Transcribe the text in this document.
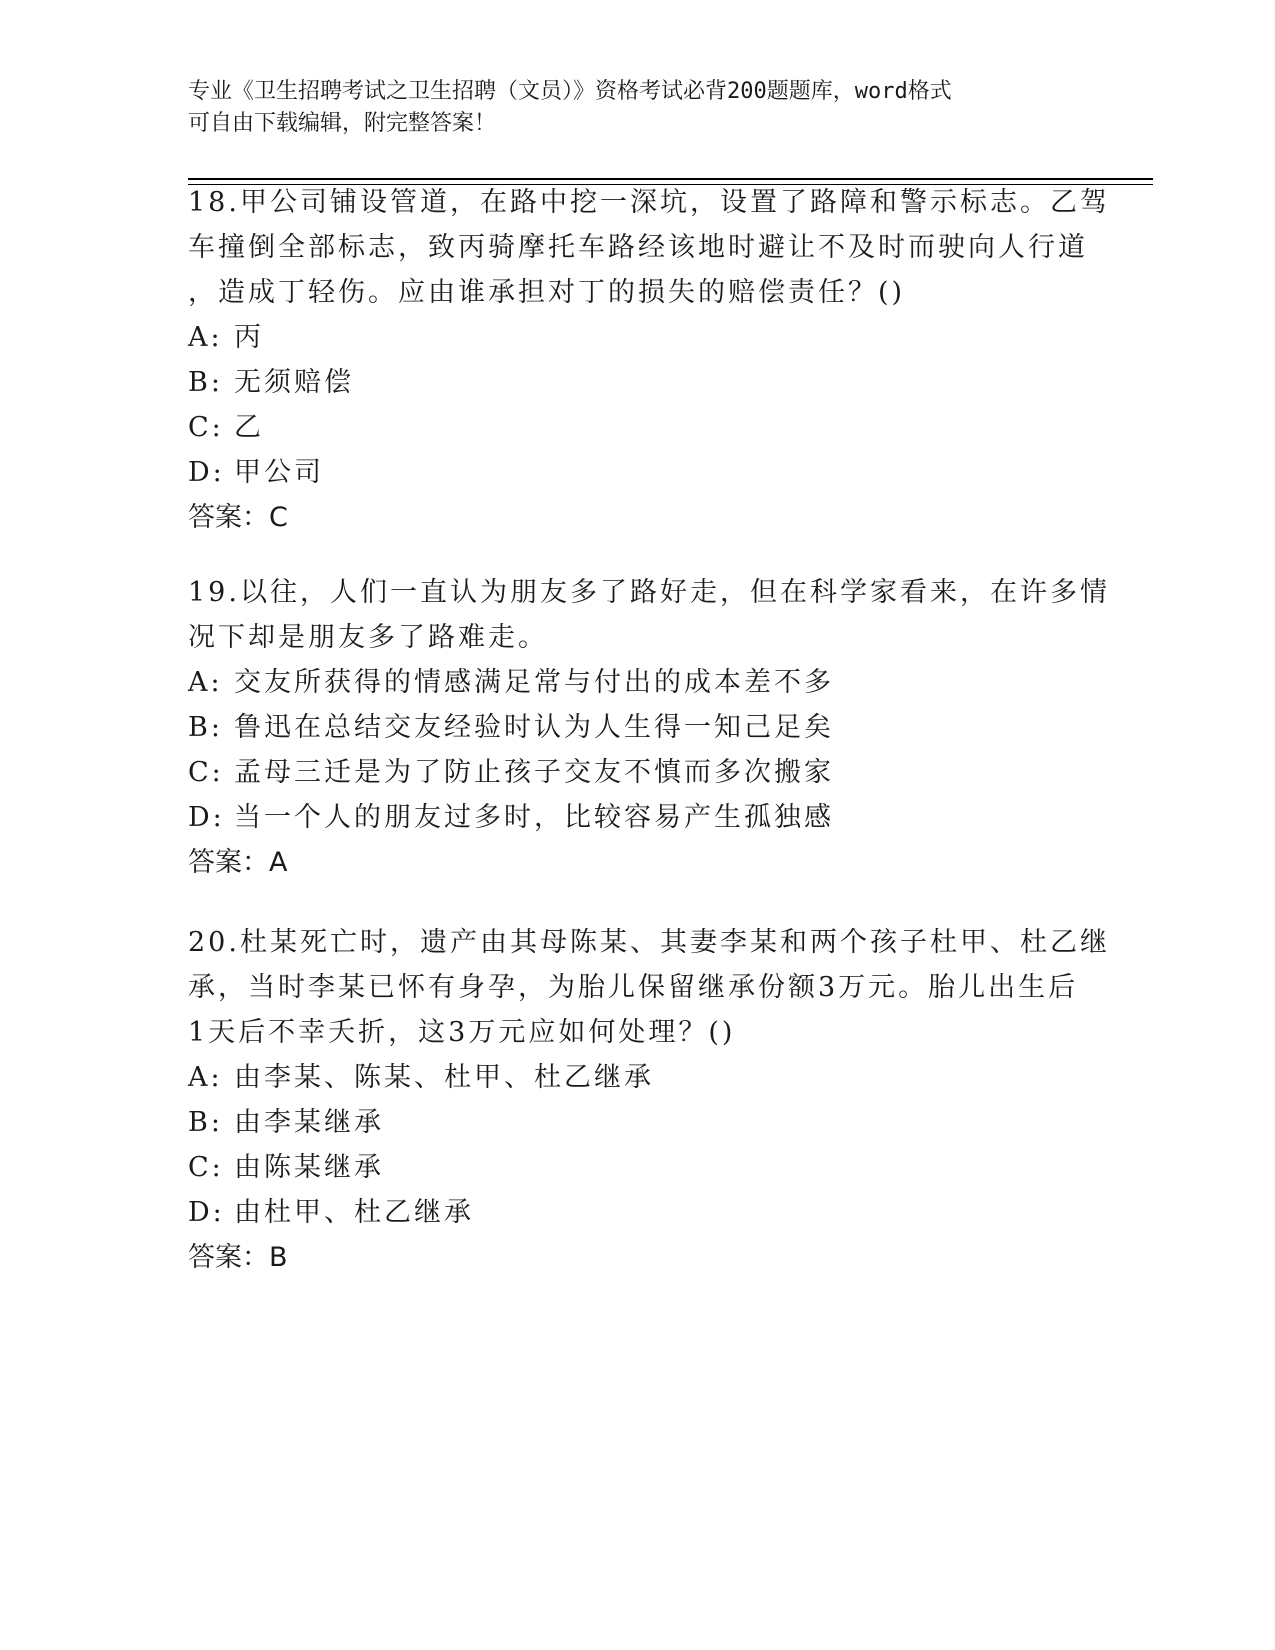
专业《卫生招聘考试之卫生招聘（文员）》资格考试必背200题题库，word格式
可自由下载编辑，附完整答案！
18.甲公司铺设管道，在路中挖一深坑，设置了路障和警示标志。乙驾
车撞倒全部标志，致丙骑摩托车路经该地时避让不及时而驶向人行道
，造成丁轻伤。应由谁承担对丁的损失的赔偿责任？()
A: 丙
B: 无须赔偿
C: 乙
D: 甲公司
答案：C
19.以往，人们一直认为朋友多了路好走，但在科学家看来，在许多情
况下却是朋友多了路难走。
A: 交友所获得的情感满足常与付出的成本差不多
B: 鲁迅在总结交友经验时认为人生得一知己足矣
C: 孟母三迁是为了防止孩子交友不慎而多次搬家
D: 当一个人的朋友过多时，比较容易产生孤独感
答案：A
20.杜某死亡时，遗产由其母陈某、其妻李某和两个孩子杜甲、杜乙继
承，当时李某已怀有身孕，为胎儿保留继承份额3万元。胎儿出生后
1天后不幸夭折，这3万元应如何处理？()
A: 由李某、陈某、杜甲、杜乙继承
B: 由李某继承
C: 由陈某继承
D: 由杜甲、杜乙继承
答案：B
